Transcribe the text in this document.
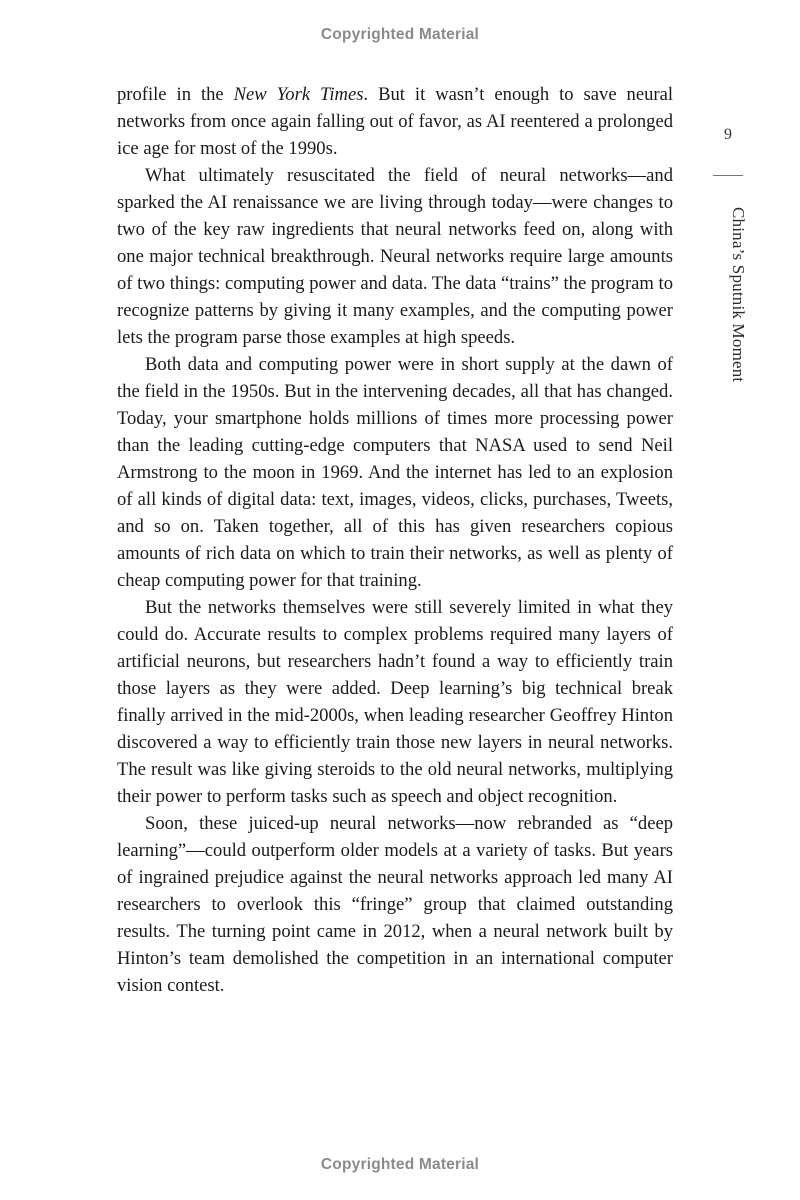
Copyrighted Material

profile in the New York Times. But it wasn’t enough to save neural networks from once again falling out of favor, as AI reentered a prolonged ice age for most of the 1990s.

What ultimately resuscitated the field of neural networks—and sparked the AI renaissance we are living through today—were changes to two of the key raw ingredients that neural networks feed on, along with one major technical breakthrough. Neural networks require large amounts of two things: computing power and data. The data “trains” the program to recognize patterns by giving it many examples, and the computing power lets the program parse those examples at high speeds.

Both data and computing power were in short supply at the dawn of the field in the 1950s. But in the intervening decades, all that has changed. Today, your smartphone holds millions of times more processing power than the leading cutting-edge computers that NASA used to send Neil Armstrong to the moon in 1969. And the internet has led to an explosion of all kinds of digital data: text, images, videos, clicks, purchases, Tweets, and so on. Taken together, all of this has given researchers copious amounts of rich data on which to train their networks, as well as plenty of cheap computing power for that training.

But the networks themselves were still severely limited in what they could do. Accurate results to complex problems required many layers of artificial neurons, but researchers hadn’t found a way to efficiently train those layers as they were added. Deep learning’s big technical break finally arrived in the mid-2000s, when leading researcher Geoffrey Hinton discovered a way to efficiently train those new layers in neural networks. The result was like giving steroids to the old neural networks, multiplying their power to perform tasks such as speech and object recognition.

Soon, these juiced-up neural networks—now rebranded as “deep learning”—could outperform older models at a variety of tasks. But years of ingrained prejudice against the neural networks approach led many AI researchers to overlook this “fringe” group that claimed outstanding results. The turning point came in 2012, when a neural network built by Hinton’s team demolished the competition in an international computer vision contest.

9
China’s Sputnik Moment
Copyrighted Material
